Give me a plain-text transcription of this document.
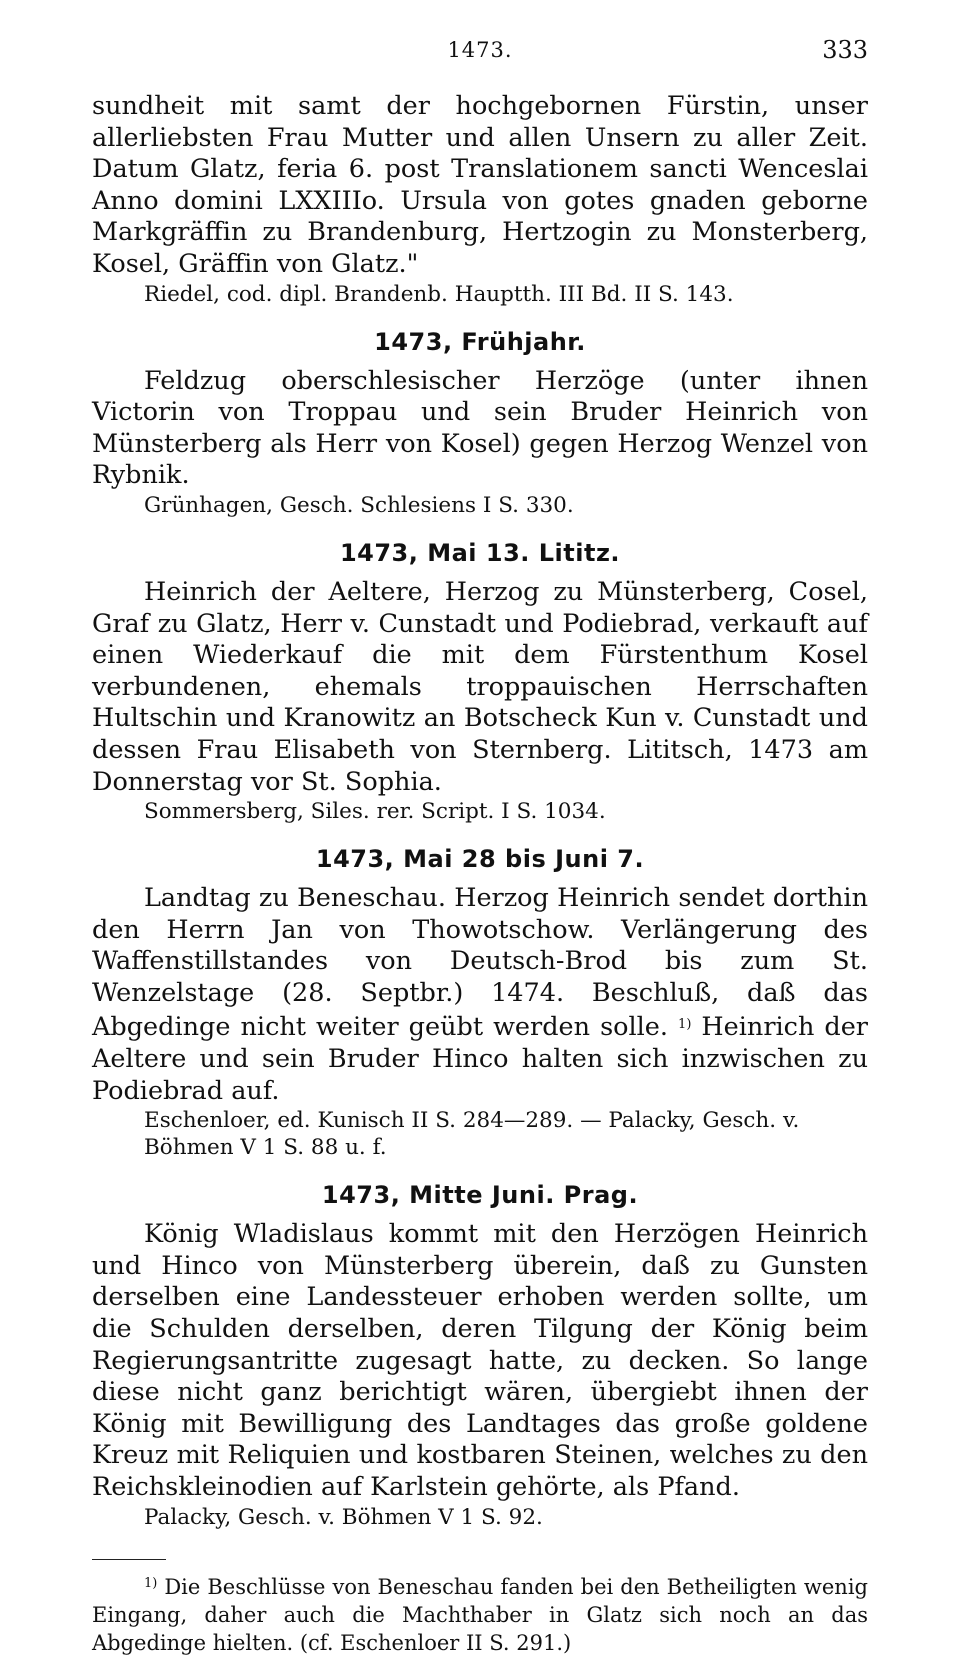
1473.	333

sundheit mit samt der hochgebornen Fürstin, unser allerliebsten Frau Mutter und allen Unsern zu aller Zeit. Datum Glatz, feria 6. post Translationem sancti Wenceslai Anno domini LXXIIIo. Ursula von gotes gnaden geborne Markgräffin zu Brandenburg, Hertzogin zu Monsterberg, Kosel, Gräffin von Glatz."

Riedel, cod. dipl. Brandenb. Hauptth. III Bd. II S. 143.

1473, Frühjahr.

Feldzug oberschlesischer Herzöge (unter ihnen Victorin von Troppau und sein Bruder Heinrich von Münsterberg als Herr von Kosel) gegen Herzog Wenzel von Rybnik.

Grünhagen, Gesch. Schlesiens I S. 330.

1473, Mai 13. Lititz.

Heinrich der Aeltere, Herzog zu Münsterberg, Cosel, Graf zu Glatz, Herr v. Cunstadt und Podiebrad, verkauft auf einen Wiederkauf die mit dem Fürstenthum Kosel verbundenen, ehemals troppauischen Herrschaften Hultschin und Kranowitz an Botscheck Kun v. Cunstadt und dessen Frau Elisabeth von Sternberg. Lititsch, 1473 am Donnerstag vor St. Sophia.

Sommersberg, Siles. rer. Script. I S. 1034.

1473, Mai 28 bis Juni 7.

Landtag zu Beneschau. Herzog Heinrich sendet dorthin den Herrn Jan von Thowotschow. Verlängerung des Waffenstillstandes von Deutsch-Brod bis zum St. Wenzelstage (28. Septbr.) 1474. Beschluß, daß das Abgedinge nicht weiter geübt werden solle. $^{1)}$ Heinrich der Aeltere und sein Bruder Hinco halten sich inzwischen zu Podiebrad auf.

Eschenloer, ed. Kunisch II S. 284—289. — Palacky, Gesch. v. Böhmen V 1 S. 88 u. f.

1473, Mitte Juni. Prag.

König Wladislaus kommt mit den Herzögen Heinrich und Hinco von Münsterberg überein, daß zu Gunsten derselben eine Landessteuer erhoben werden sollte, um die Schulden derselben, deren Tilgung der König beim Regierungsantritte zugesagt hatte, zu decken. So lange diese nicht ganz berichtigt wären, übergiebt ihnen der König mit Bewilligung des Landtages das große goldene Kreuz mit Reliquien und kostbaren Steinen, welches zu den Reichskleinodien auf Karlstein gehörte, als Pfand.

Palacky, Gesch. v. Böhmen V 1 S. 92.

$^{1)}$ Die Beschlüsse von Beneschau fanden bei den Betheiligten wenig Eingang, daher auch die Machthaber in Glatz sich noch an das Abgedinge hielten. (cf. Eschenloer II S. 291.)
